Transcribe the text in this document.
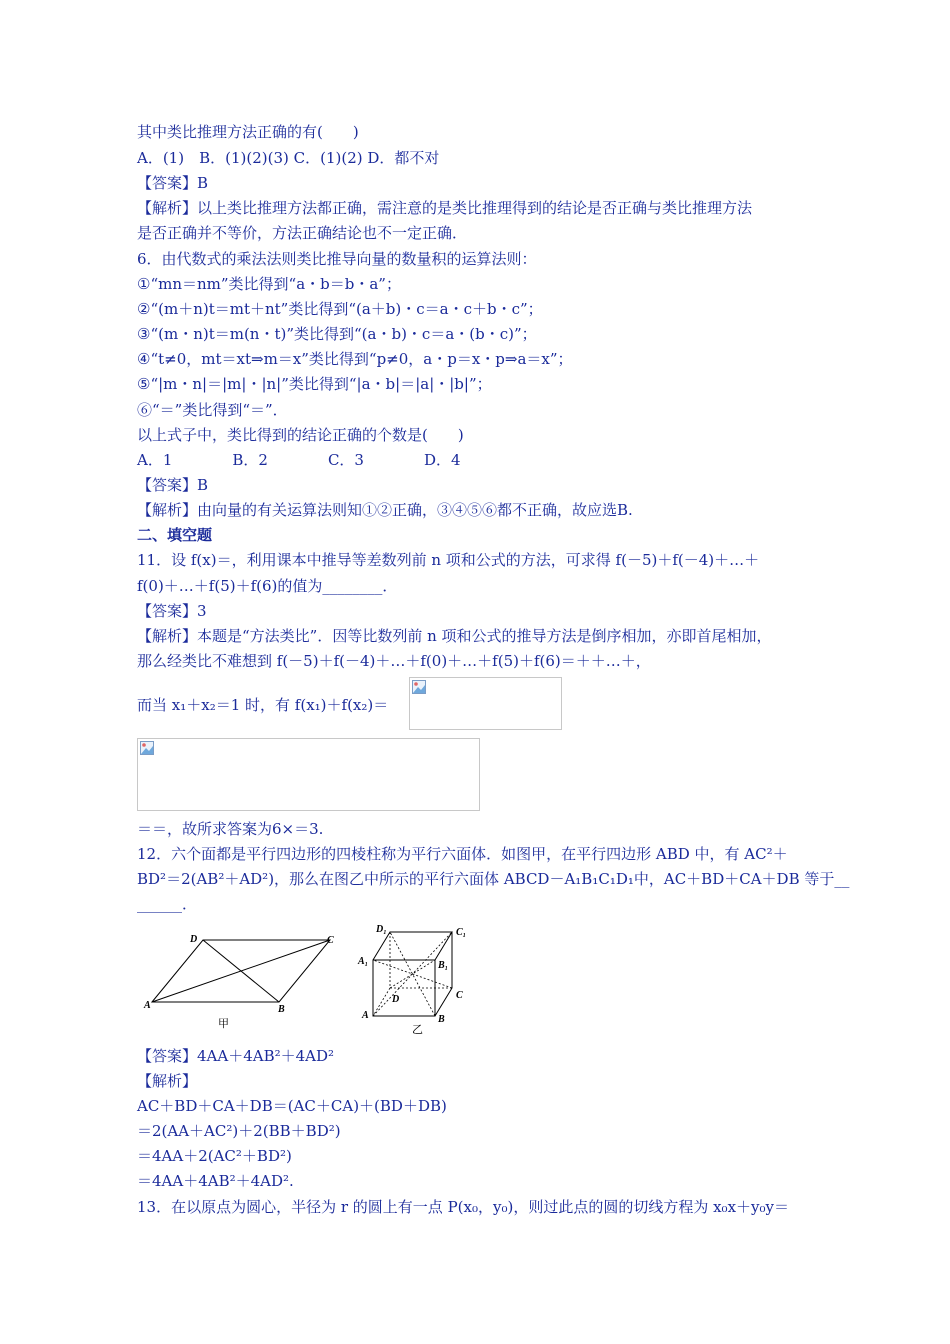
其中类比推理方法正确的有(　　)
A．(1)　B．(1)(2)(3) C．(1)(2) D．都不对
【答案】B
【解析】以上类比推理方法都正确，需注意的是类比推理得到的结论是否正确与类比推理方法
是否正确并不等价，方法正确结论也不一定正确．
6．由代数式的乘法法则类比推导向量的数量积的运算法则：
①“mn＝nm”类比得到“a・b＝b・a”；
②“(m＋n)t＝mt＋nt”类比得到“(a＋b)・c＝a・c＋b・c”；
③“(m・n)t＝m(n・t)”类比得到“(a・b)・c＝a・(b・c)”；
④“t≠0，mt＝xt⇒m＝x”类比得到“p≠0，a・p＝x・p⇒a＝x”；
⑤“|m・n|＝|m|・|n|”类比得到“|a・b|＝|a|・|b|”；
⑥“＝”类比得到“＝”．
以上式子中，类比得到的结论正确的个数是(　　)
A．1　　　　B．2　　　　C．3　　　　D．4
【答案】B
【解析】由向量的有关运算法则知①②正确，③④⑤⑥都不正确，故应选B.
二、填空题
11．设 f(x)＝，利用课本中推导等差数列前 n 项和公式的方法，可求得 f(－5)＋f(－4)＋…＋
f(0)＋…＋f(5)＋f(6)的值为________．
【答案】3
【解析】本题是“方法类比”．因等比数列前 n 项和公式的推导方法是倒序相加，亦即首尾相加，
那么经类比不难想到 f(－5)＋f(－4)＋…＋f(0)＋…＋f(5)＋f(6)＝＋＋…＋，
而当 x₁＋x₂＝1 时，有 f(x₁)＋f(x₂)＝
＝＝，故所求答案为6×＝3.
12．六个面都是平行四边形的四棱柱称为平行六面体．如图甲，在平行四边形 ABD 中，有 AC²＋
BD²＝2(AB²＋AD²)，那么在图乙中所示的平行六面体 ABCD－A₁B₁C₁D₁中，AC＋BD＋CA＋DB 等于__
______．
D	C
A	B
甲
D₁	C₁
A₁	B₁
D	C
A	B
乙
【答案】4AA＋4AB²＋4AD²
【解析】
AC＋BD＋CA＋DB＝(AC＋CA)＋(BD＋DB)
＝2(AA＋AC²)＋2(BB＋BD²)
＝4AA＋2(AC²＋BD²)
＝4AA＋4AB²＋4AD².
13．在以原点为圆心，半径为 r 的圆上有一点 P(x₀，y₀)，则过此点的圆的切线方程为 x₀x＋y₀y＝
